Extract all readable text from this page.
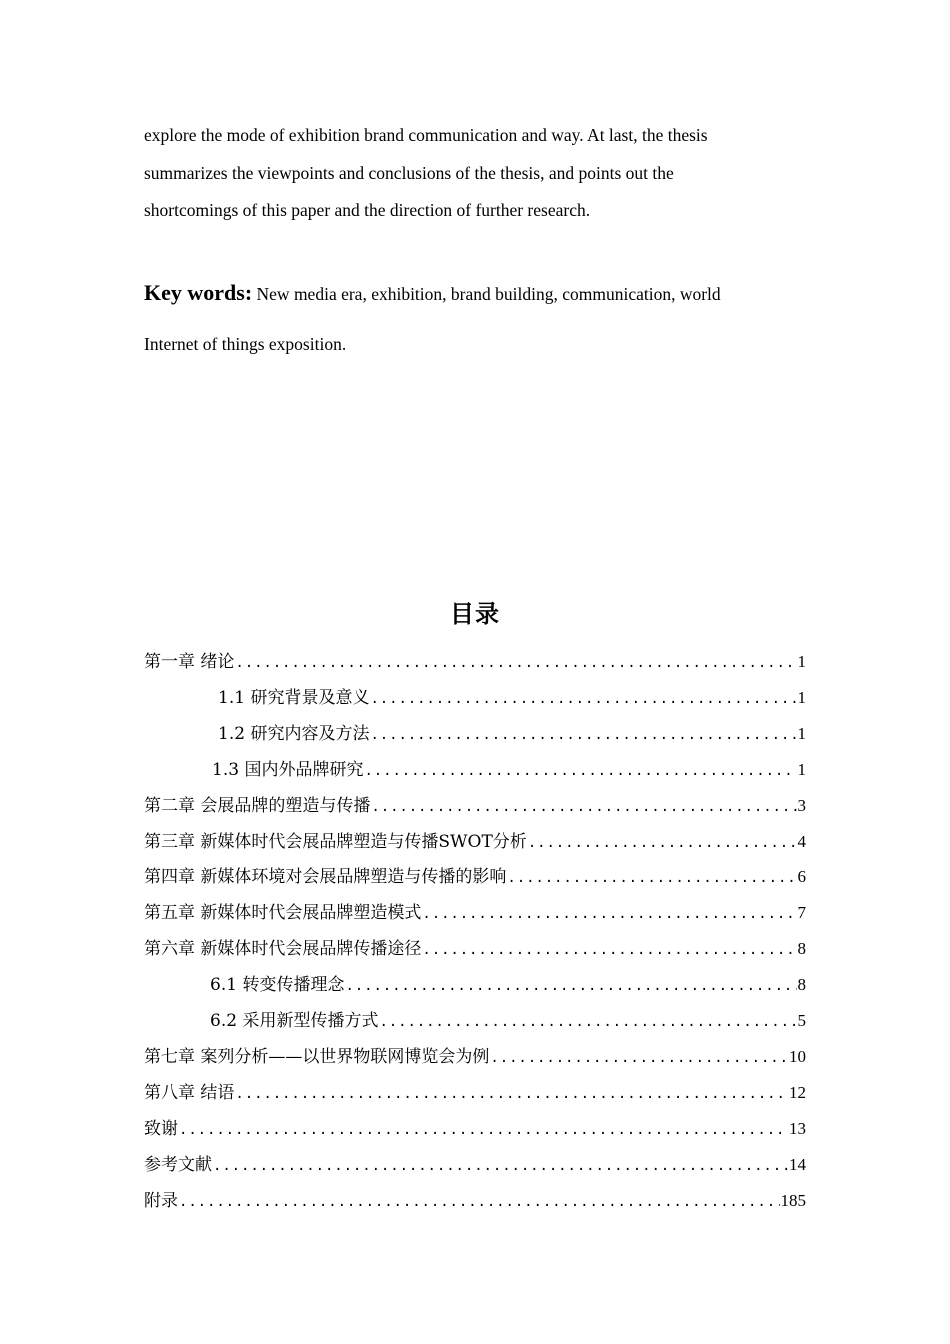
explore the mode of exhibition brand communication and way. At last, the thesis
summarizes the viewpoints and conclusions of the thesis, and points out the
shortcomings of this paper and the direction of further research.
Key words: New media era, exhibition, brand building, communication, world
Internet of things exposition.
目录
第一章 绪论 .....	1
1.1 研究背景及意义 .....	1
1.2 研究内容及方法 .....	1
1.3 国内外品牌研究 .....	1
第二章 会展品牌的塑造与传播 .....	3
第三章 新媒体时代会展品牌塑造与传播SWOT分析 .....	4
第四章 新媒体环境对会展品牌塑造与传播的影响 .....	6
第五章 新媒体时代会展品牌塑造模式 .....	7
第六章 新媒体时代会展品牌传播途径 .....	8
6.1 转变传播理念 .....	8
6.2 采用新型传播方式 .....	5
第七章 案列分析——以世界物联网博览会为例 .....	10
第八章 结语 .....	12
致谢 .....	13
参考文献 .....	14
附录 .....	185
